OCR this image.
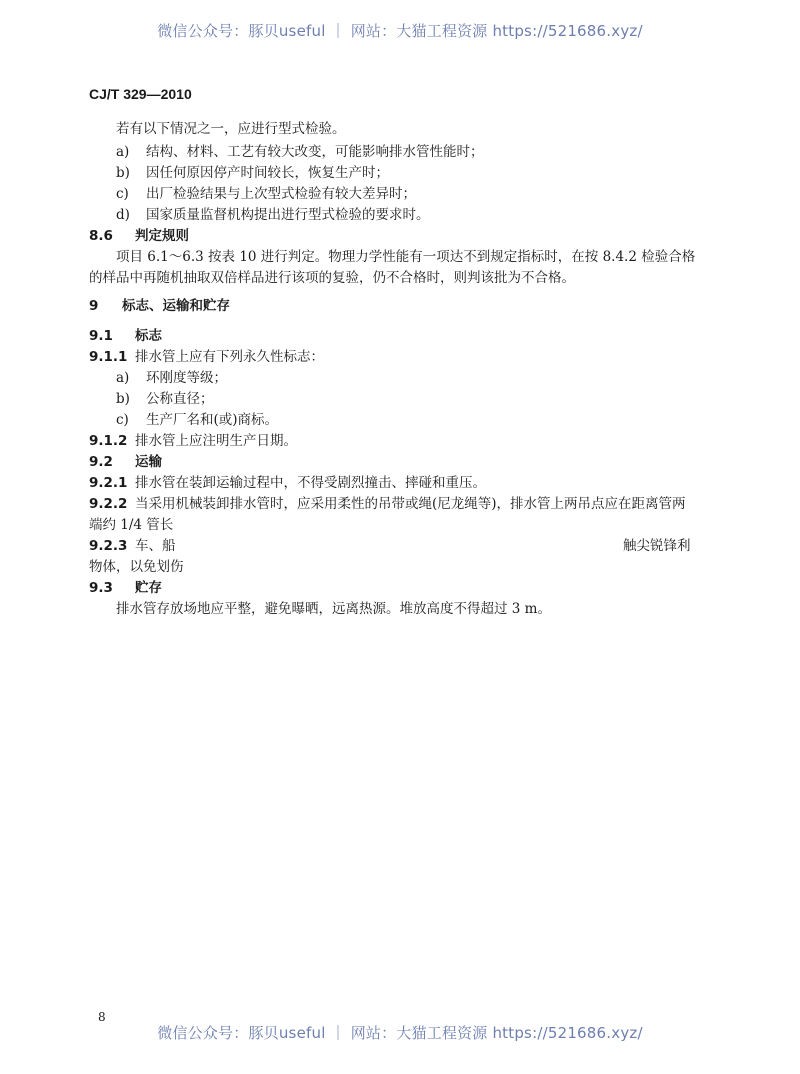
微信公众号：豚贝useful ｜ 网站：大猫工程资源 https://521686.xyz/
CJ/T 329—2010
若有以下情况之一，应进行型式检验。
a) 结构、材料、工艺有较大改变，可能影响排水管性能时；
b) 因任何原因停产时间较长，恢复生产时；
c) 出厂检验结果与上次型式检验有较大差异时；
d) 国家质量监督机构提出进行型式检验的要求时。
8.6 判定规则
项目 6.1～6.3 按表 10 进行判定。物理力学性能有一项达不到规定指标时，在按 8.4.2 检验合格
的样品中再随机抽取双倍样品进行该项的复验，仍不合格时，则判该批为不合格。
9 标志、运输和贮存
9.1 标志
9.1.1 排水管上应有下列永久性标志：
a) 环刚度等级；
b) 公称直径；
c) 生产厂名和(或)商标。
9.1.2 排水管上应注明生产日期。
9.2 运输
9.2.1 排水管在装卸运输过程中，不得受剧烈撞击、摔碰和重压。
9.2.2 当采用机械装卸排水管时，应采用柔性的吊带或绳(尼龙绳等)，排水管上两吊点应在距离管两
端约 1/4 管长
9.2.3 车、船	触尖锐锋利
物体，以免划伤
9.3 贮存
排水管存放场地应平整，避免曝晒，远离热源。堆放高度不得超过 3 m。
8
微信公众号：豚贝useful ｜ 网站：大猫工程资源 https://521686.xyz/
